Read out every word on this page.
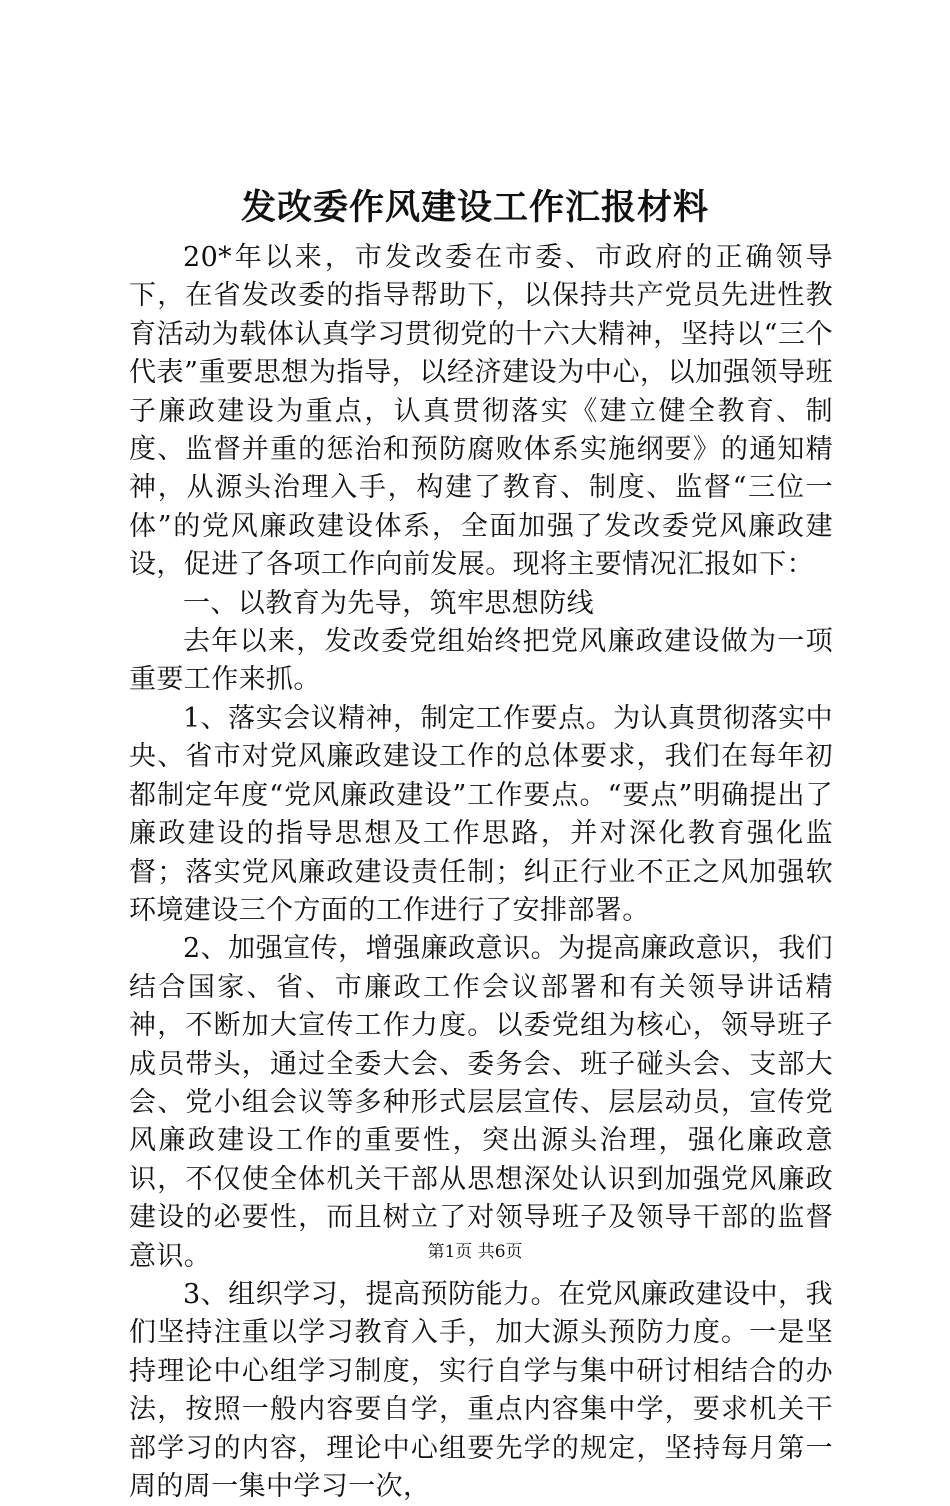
发改委作风建设工作汇报材料

20*年以来，市发改委在市委、市政府的正确领导下，在省发改委的指导帮助下，以保持共产党员先进性教育活动为载体认真学习贯彻党的十六大精神，坚持以“三个代表”重要思想为指导，以经济建设为中心，以加强领导班子廉政建设为重点，认真贯彻落实《建立健全教育、制度、监督并重的惩治和预防腐败体系实施纲要》的通知精神，从源头治理入手，构建了教育、制度、监督“三位一体”的党风廉政建设体系，全面加强了发改委党风廉政建设，促进了各项工作向前发展。现将主要情况汇报如下：

一、以教育为先导，筑牢思想防线

去年以来，发改委党组始终把党风廉政建设做为一项重要工作来抓。

1、落实会议精神，制定工作要点。为认真贯彻落实中央、省市对党风廉政建设工作的总体要求，我们在每年初都制定年度“党风廉政建设”工作要点。“要点”明确提出了廉政建设的指导思想及工作思路，并对深化教育强化监督；落实党风廉政建设责任制；纠正行业不正之风加强软环境建设三个方面的工作进行了安排部署。

2、加强宣传，增强廉政意识。为提高廉政意识，我们结合国家、省、市廉政工作会议部署和有关领导讲话精神，不断加大宣传工作力度。以委党组为核心，领导班子成员带头，通过全委大会、委务会、班子碰头会、支部大会、党小组会议等多种形式层层宣传、层层动员，宣传党风廉政建设工作的重要性，突出源头治理，强化廉政意识，不仅使全体机关干部从思想深处认识到加强党风廉政建设的必要性，而且树立了对领导班子及领导干部的监督意识。

3、组织学习，提高预防能力。在党风廉政建设中，我们坚持注重以学习教育入手，加大源头预防力度。一是坚持理论中心组学习制度，实行自学与集中研讨相结合的办法，按照一般内容要自学，重点内容集中学，要求机关干部学习的内容，理论中心组要先学的规定，坚持每月第一周的周一集中学习一次，

第1页 共6页
